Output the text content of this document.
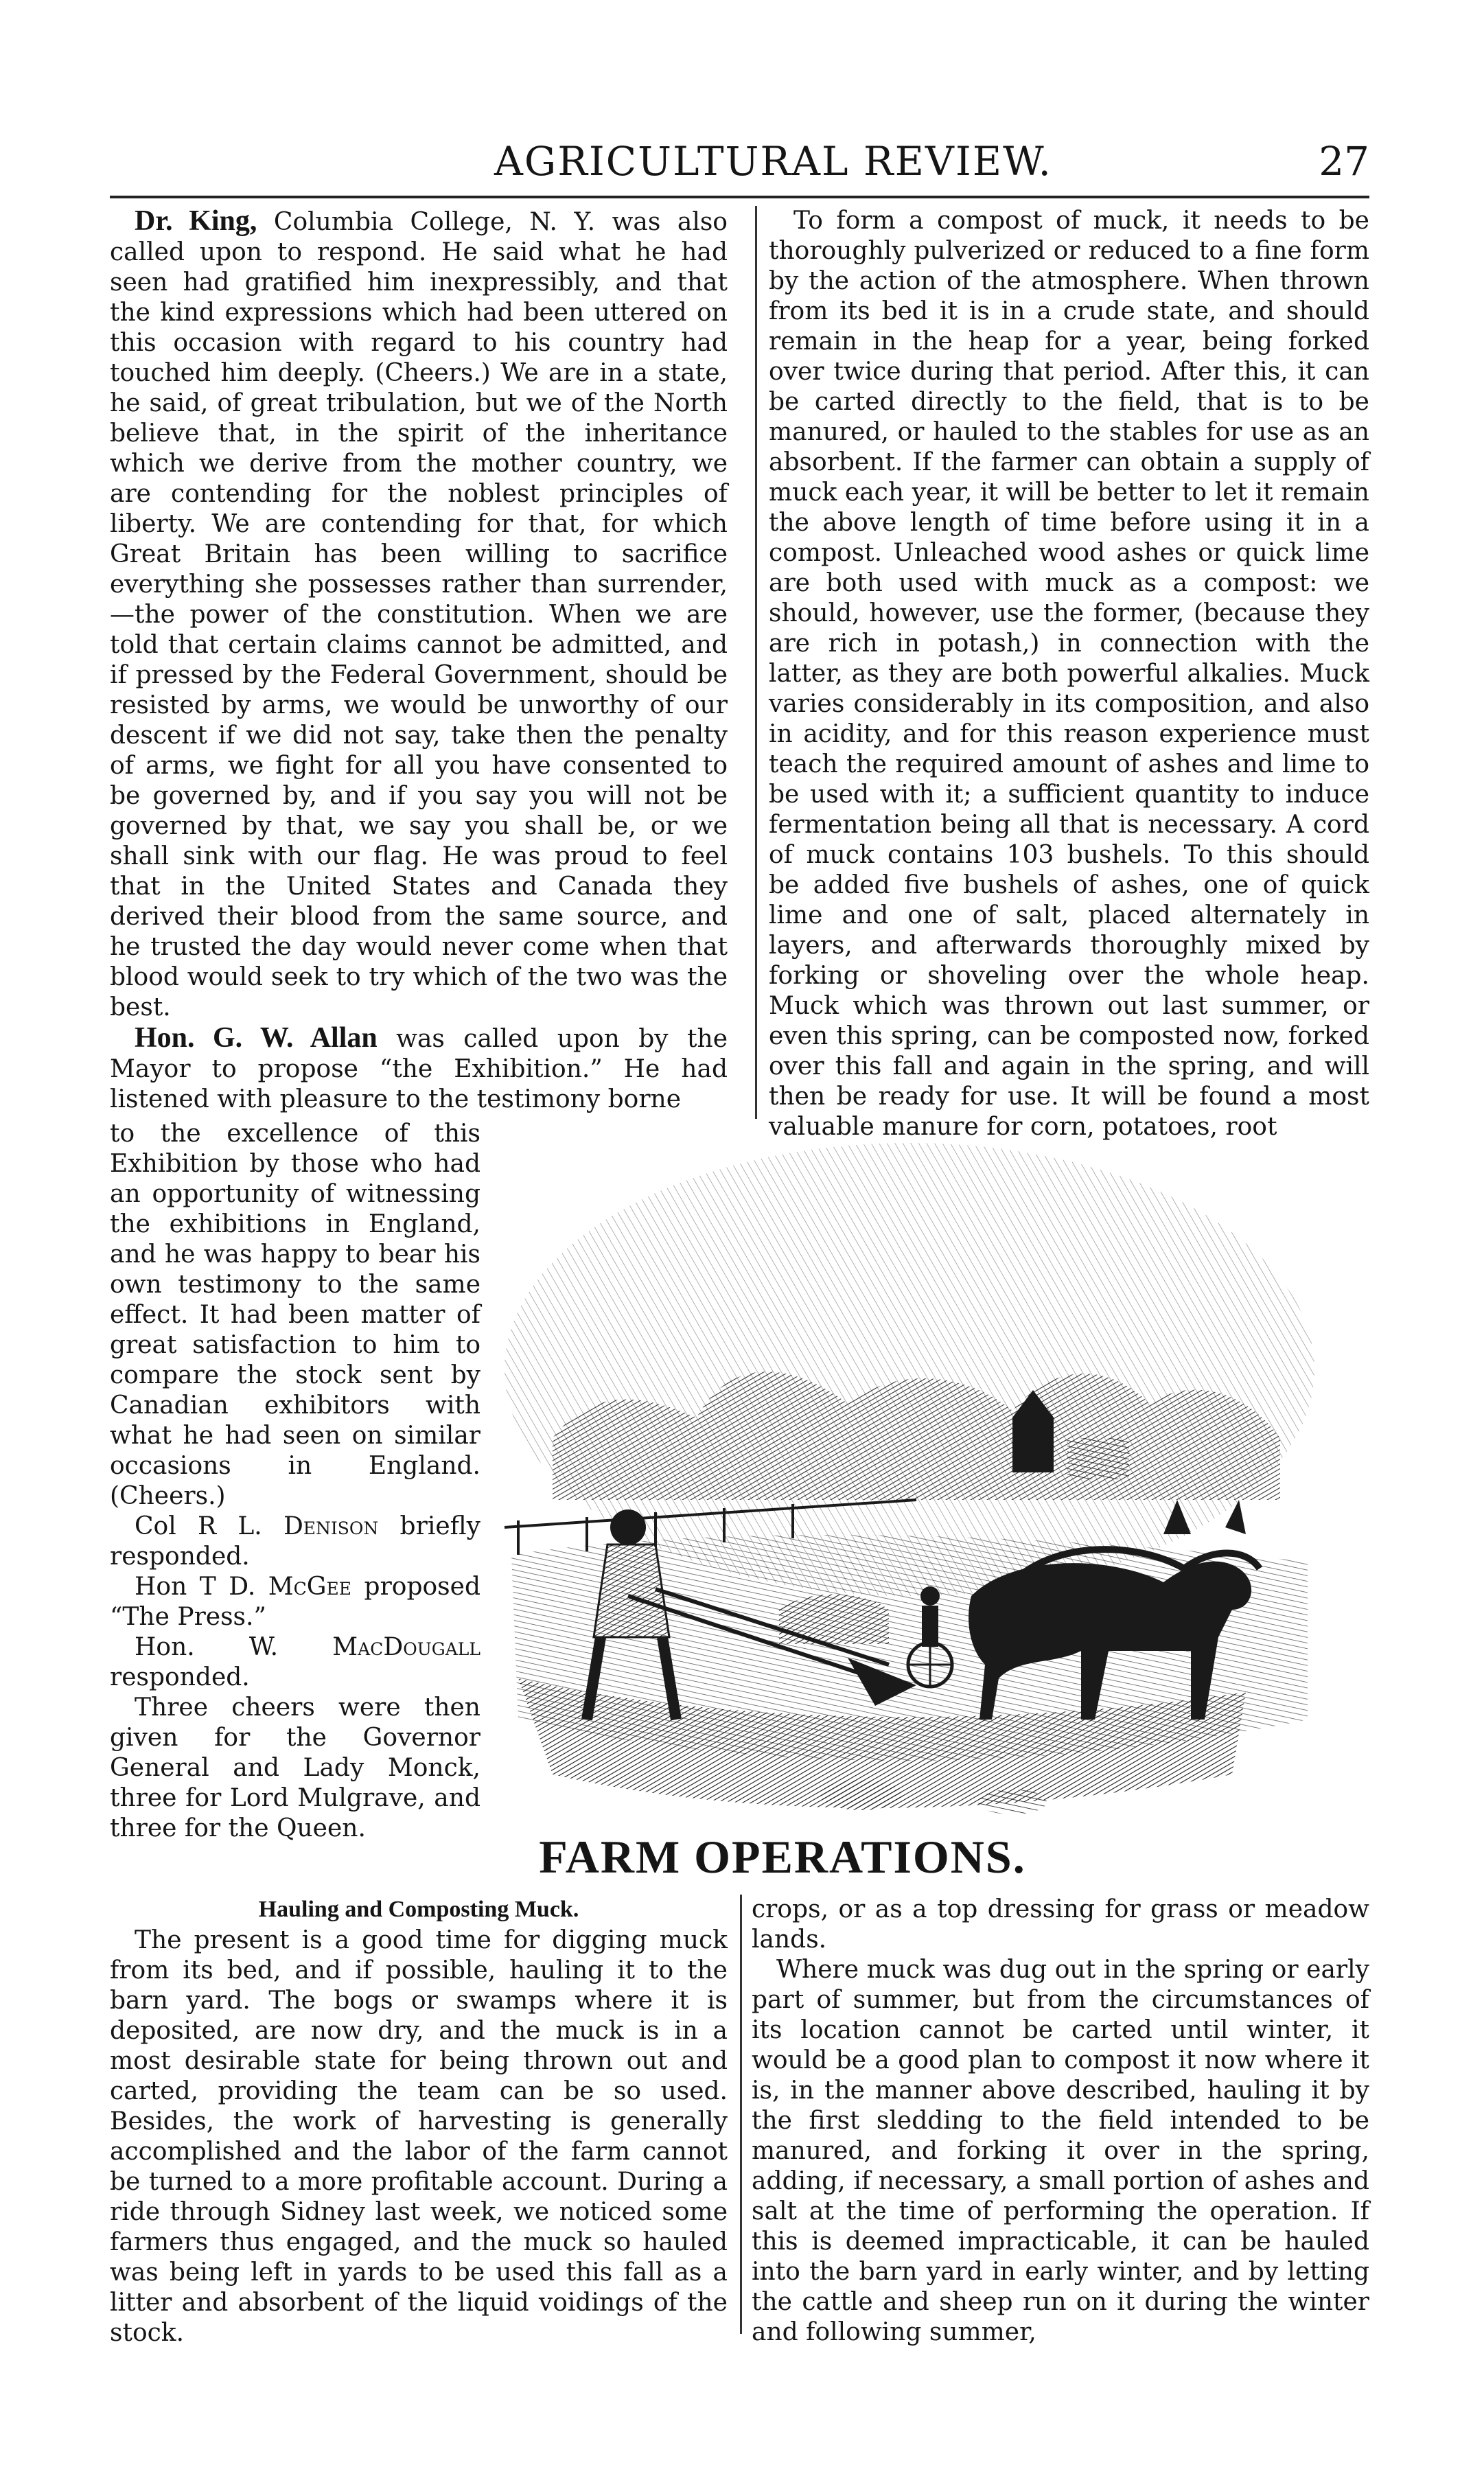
AGRICULTURAL REVIEW.	27

Dr. King, Columbia College, N. Y. was also called upon to respond. He said what he had seen had gratified him inexpressibly, and that the kind expressions which had been uttered on this occasion with regard to his country had touched him deeply. (Cheers.) We are in a state, he said, of great tribulation, but we of the North believe that, in the spirit of the inheritance which we derive from the mother country, we are contending for the noblest principles of liberty. We are contending for that, for which Great Britain has been willing to sacrifice everything she possesses rather than surrender,—the power of the constitution. When we are told that certain claims cannot be admitted, and if pressed by the Federal Government, should be resisted by arms, we would be unworthy of our descent if we did not say, take then the penalty of arms, we fight for all you have consented to be governed by, and if you say you will not be governed by that, we say you shall be, or we shall sink with our flag. He was proud to feel that in the United States and Canada they derived their blood from the same source, and he trusted the day would never come when that blood would seek to try which of the two was the best.

Hon. G. W. Allan was called upon by the Mayor to propose “the Exhibition.” He had listened with pleasure to the testimony borne

to the excellence of this Exhibition by those who had an opportunity of witnessing the exhibitions in England, and he was happy to bear his own testimony to the same effect. It had been matter of great satisfaction to him to compare the stock sent by Canadian exhibitors with what he had seen on similar occasions in England. (Cheers.)

Col R L. Denison briefly responded.

Hon T D. McGee proposed “The Press.”

Hon. W. MacDougall responded.

Three cheers were then given for the Governor General and Lady Monck, three for Lord Mulgrave, and three for the Queen.

To form a compost of muck, it needs to be thoroughly pulverized or reduced to a fine form by the action of the atmosphere. When thrown from its bed it is in a crude state, and should remain in the heap for a year, being forked over twice during that period. After this, it can be carted directly to the field, that is to be manured, or hauled to the stables for use as an absorbent. If the farmer can obtain a supply of muck each year, it will be better to let it remain the above length of time before using it in a compost. Unleached wood ashes or quick lime are both used with muck as a compost: we should, however, use the former, (because they are rich in potash,) in connection with the latter, as they are both powerful alkalies. Muck varies considerably in its composition, and also in acidity, and for this reason experience must teach the required amount of ashes and lime to be used with it; a sufficient quantity to induce fermentation being all that is necessary. A cord of muck contains 103 bushels. To this should be added five bushels of ashes, one of quick lime and one of salt, placed alternately in layers, and afterwards thoroughly mixed by forking or shoveling over the whole heap. Muck which was thrown out last summer, or even this spring, can be composted now, forked over this fall and again in the spring, and will then be ready for use. It will be found a most valuable manure for corn, potatoes, root

FARM OPERATIONS.
Hauling and Composting Muck.

The present is a good time for digging muck from its bed, and if possible, hauling it to the barn yard. The bogs or swamps where it is deposited, are now dry, and the muck is in a most desirable state for being thrown out and carted, providing the team can be so used. Besides, the work of harvesting is generally accomplished and the labor of the farm cannot be turned to a more profitable account. During a ride through Sidney last week, we noticed some farmers thus engaged, and the muck so hauled was being left in yards to be used this fall as a litter and absorbent of the liquid voidings of the stock.

crops, or as a top dressing for grass or meadow lands.

Where muck was dug out in the spring or early part of summer, but from the circumstances of its location cannot be carted until winter, it would be a good plan to compost it now where it is, in the manner above described, hauling it by the first sledding to the field intended to be manured, and forking it over in the spring, adding, if necessary, a small portion of ashes and salt at the time of performing the operation. If this is deemed impracticable, it can be hauled into the barn yard in early winter, and by letting the cattle and sheep run on it during the winter and following summer,
